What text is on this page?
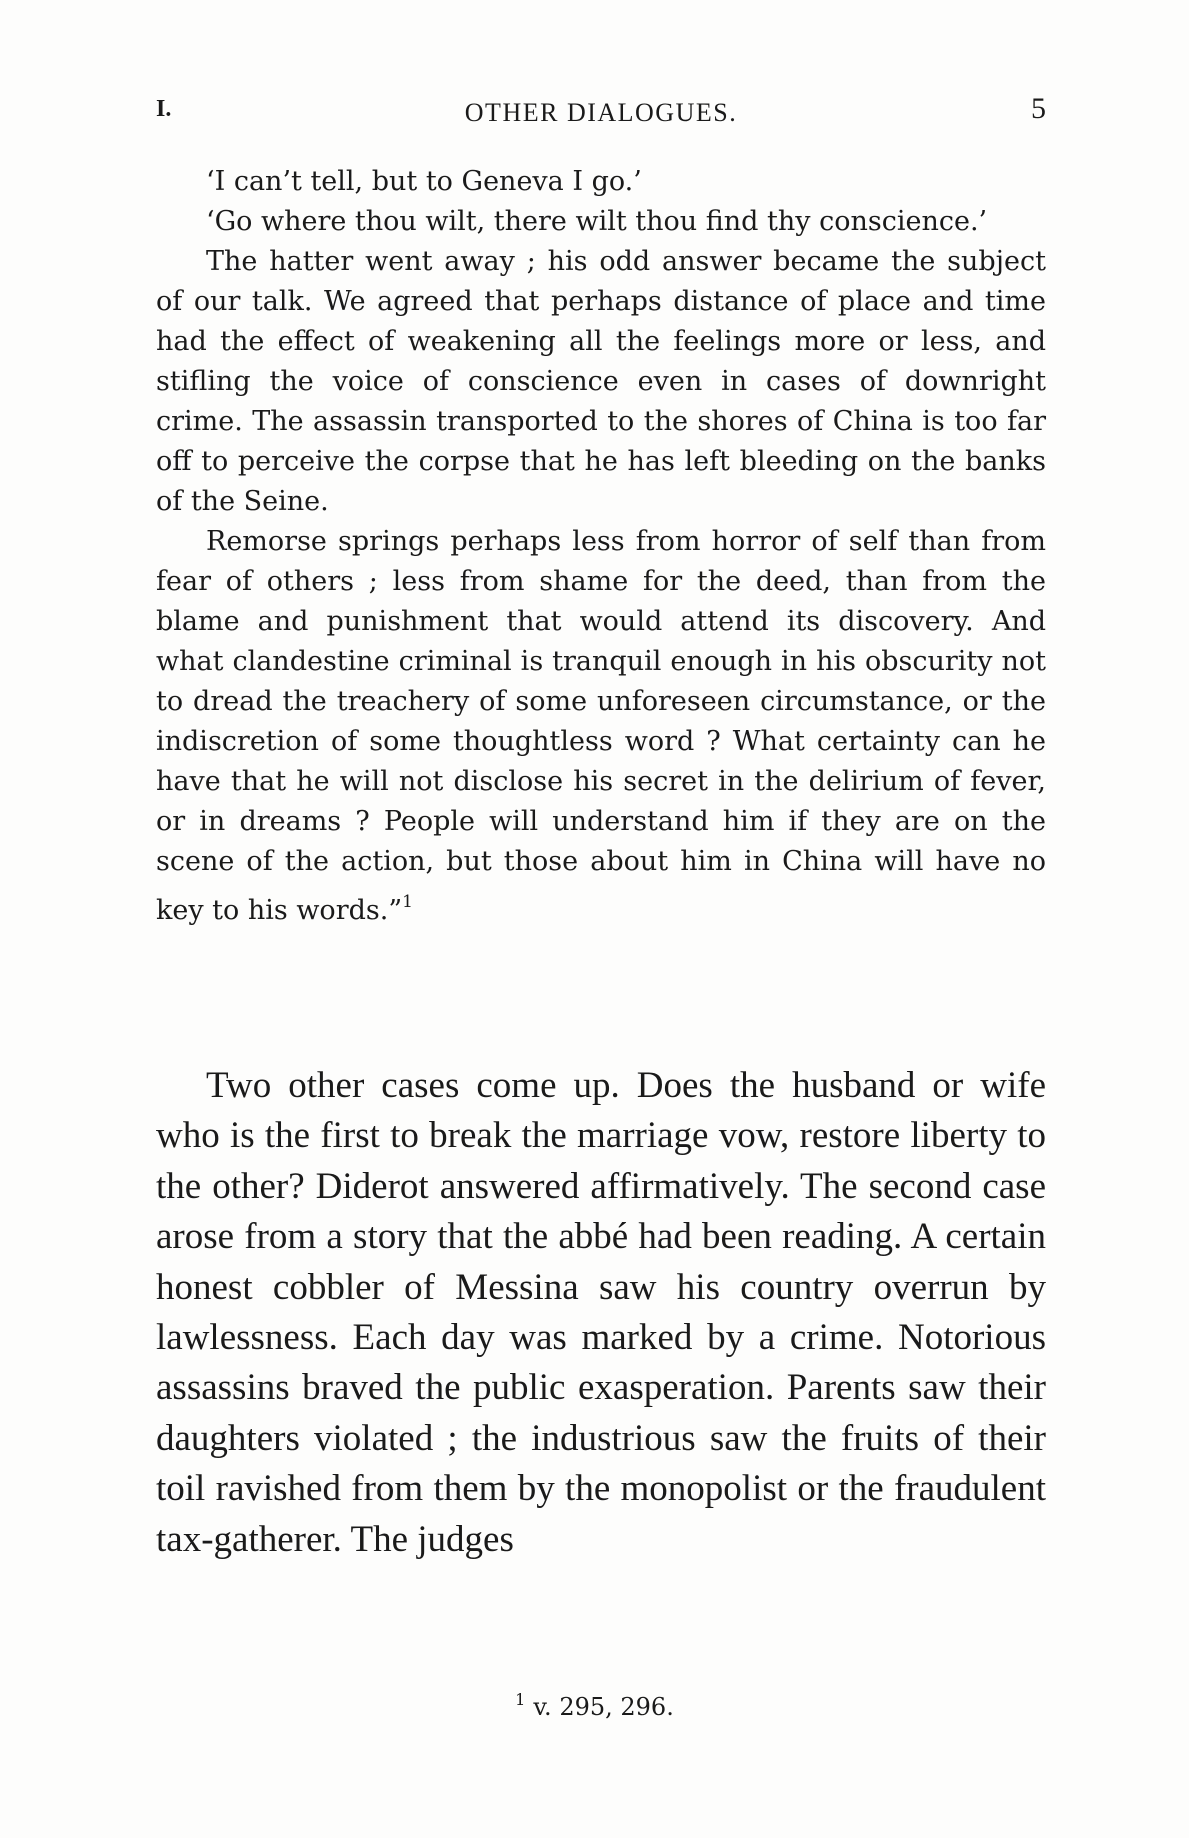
I.	OTHER DIALOGUES.	5

‘I can’t tell, but to Geneva I go.’

‘Go where thou wilt, there wilt thou find thy conscience.’

The hatter went away ; his odd answer became the subject of our talk. We agreed that perhaps distance of place and time had the effect of weakening all the feelings more or less, and stifling the voice of conscience even in cases of downright crime. The assassin transported to the shores of China is too far off to perceive the corpse that he has left bleeding on the banks of the Seine.

Remorse springs perhaps less from horror of self than from fear of others ; less from shame for the deed, than from the blame and punishment that would attend its discovery. And what clandestine criminal is tranquil enough in his obscurity not to dread the treachery of some unforeseen circumstance, or the indiscretion of some thoughtless word ? What certainty can he have that he will not disclose his secret in the delirium of fever, or in dreams ? People will understand him if they are on the scene of the action, but those about him in China will have no key to his words.”$^1$

Two other cases come up. Does the husband or wife who is the first to break the marriage vow, restore liberty to the other? Diderot answered affirmatively. The second case arose from a story that the abbé had been reading. A certain honest cobbler of Messina saw his country overrun by lawlessness. Each day was marked by a crime. Notorious assassins braved the public exasperation. Parents saw their daughters violated ; the industrious saw the fruits of their toil ravished from them by the monopolist or the fraudulent tax-gatherer. The judges

$^1$ v. 295, 296.
